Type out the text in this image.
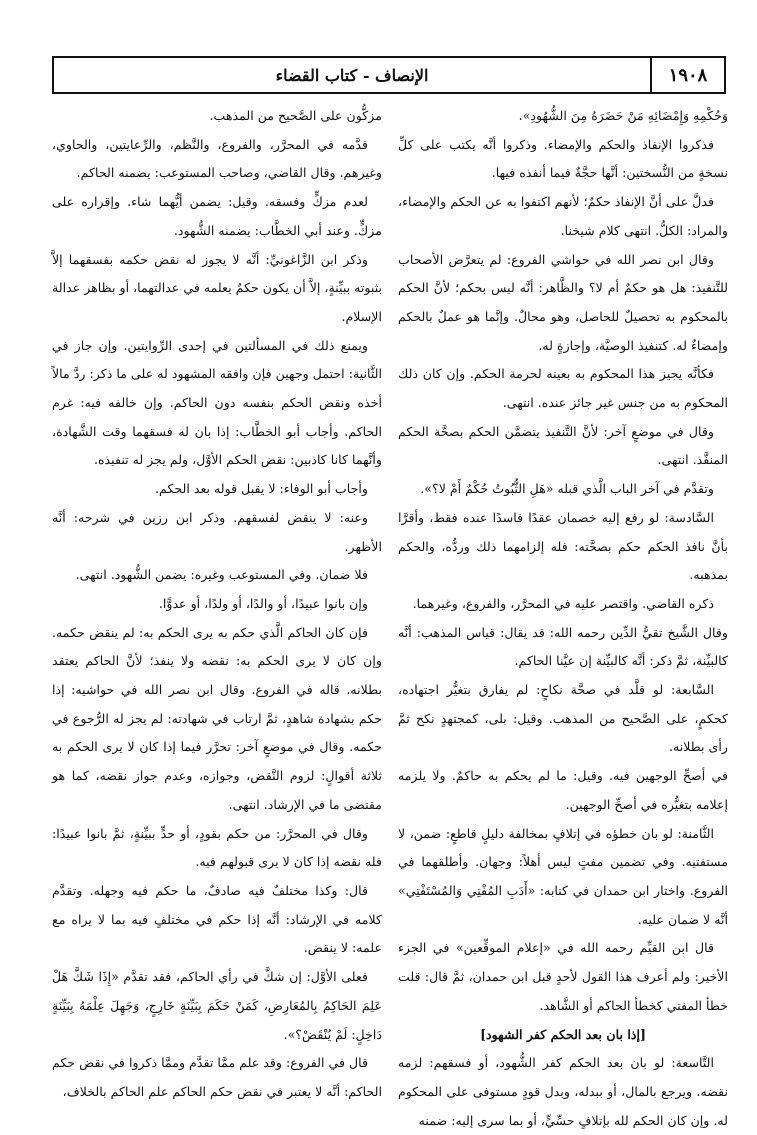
الإنصاف - كتاب القضاء	١٩٠٨

مزكُّون على الصَّحيح من المذهب.

قدَّمه في المحرَّر، والفروع، والنَّظم، والرِّعايتين، والحاوي، وغيرهم. وقال القاضي، وصاحب المستوعب: يضمنه الحاكم.

لعدم مزكٍّ وفسقه. وقيل: يضمن أيُّهما شاء. وإقراره على مزكٍّ. وعند أبي الخطَّاب: يضمنه الشُّهود.

وذكر ابن الزَّاغونيِّ: أنَّه لا يجوز له نقض حكمه بفسقهما إلاَّ بثبوته ببيِّنةٍ، إلاَّ أن يكون حكمٌ يعلمه في عدالتهما، أو بظاهر عدالة الإسلام.

ويمنع ذلك في المسألتين في إحدى الرِّوايتين. وإن جاز في الثَّانية: احتمل وجهين فإن وافقه المشهود له على ما ذكر: ردَّ مالاً أخذه ونقض الحكم بنفسه دون الحاكم. وإن خالفه فيه: غرم الحاكم. وأجاب أبو الخطَّاب: إذا بان له فسقهما وقت الشَّهادة، وأنَّهما كانا كاذبين: نقض الحكم الأوَّل، ولم يجز له تنفيذه.

وأجاب أبو الوفاء: لا يقبل قوله بعد الحكم.

وعنه: لا ينقض لفسقهم. وذكر ابن رزين في شرحه: أنَّه الأظهر.

فلا ضمان. وفي المستوعب وغيره: يضمن الشُّهود. انتهى.

وإن بانوا عبيدًا، أو والدًا، أو ولدًا، أو عدوًّا.

فإن كان الحاكم الَّذي حكم به يرى الحكم به: لم ينقض حكمه. وإن كان لا يرى الحكم به: نقضه ولا ينفذ؛ لأنَّ الحاكم يعتقد بطلانه. قاله في الفروع. وقال ابن نصر الله في حواشيه: إذا حكم بشهادة شاهدٍ، ثمَّ ارتاب في شهادته: لم يجز له الرُّجوع في حكمه. وقال في موضعٍ آخر: تحرَّر فيما إذا كان لا يرى الحكم به ثلاثة أقوالٍ: لزوم النَّقض، وجوازه، وعدم جواز نقضه، كما هو مقتضى ما في الإرشاد. انتهى.

وقال في المحرَّر: من حكم بقودٍ، أو حدٍّ ببيِّنةٍ، ثمَّ بانوا عبيدًا: فله نقضه إذا كان لا يرى قبولهم فيه.

قال: وكذا مختلفٌ فيه صادفٌ، ما حكم فيه وجهله. وتقدَّم كلامه في الإرشاد: أنَّه إذا حكم في مختلفٍ فيه بما لا يراه مع علمه: لا ينقض.

فعلى الأوَّل: إن شكَّ في رأي الحاكم، فقد تقدَّم «إِذَا شَكَّ هَلْ عَلِمَ الحَاكِمُ بِالمُعَارِضِ، كَمَنْ حَكَمَ بِبَيِّنَةٍ خَارِجٍ، وَجَهِلَ عِلْمَهُ بِبَيِّنَةٍ دَاخِلٍ: لَمْ يُنْقَضْ؟».

قال في الفروع: وقد علم ممَّا تقدَّم وممَّا ذكروا في نقض حكم الحاكم: أنَّه لا يعتبر في نقض حكم الحاكم علم الحاكم بالخلاف،

وَحُكْمِهِ وَإِمْضَائِهِ مَنْ حَضَرَهُ مِنَ الشُّهُودِ».

فذكروا الإنفاذ والحكم والإمضاء. وذكروا أنَّه يكتب على كلِّ نسخةٍ من النُّسختين: أنَّها حجَّةٌ فيما أنفذه فيها.

فدلَّ على أنَّ الإنفاذ حكمٌ؛ لأنهم اكتفوا به عن الحكم والإمضاء، والمراد: الكلُّ. انتهى كلام شيخنا.

وقال ابن نصر الله في حواشي الفروع: لم يتعرَّض الأصحاب للتَّنفيذ: هل هو حكمٌ أم لا؟ والظَّاهر: أنَّه ليس بحكم؛ لأنَّ الحكم بالمحكوم به تحصيلٌ للحاصل، وهو محالٌ. وإنَّما هو عملٌ بالحكم وإمضاءٌ له. كتنفيذ الوصيَّة، وإجازةٍ له.

فكأنَّه يجيز هذا المحكوم به بعينه لحرمة الحكم. وإن كان ذلك المحكوم به من جنس غير جائز عنده. انتهى.

وقال في موضعٍ آخر: لأنَّ التَّنفيذ يتضمَّن الحكم بصحَّة الحكم المنفَّذ. انتهى.

وتقدَّم في آخر الباب الَّذي قبله «هَلِ الثُّبُوتُ حُكْمٌ أَمْ لا؟».

السَّادسة: لو رفع إليه خصمان عقدًا فاسدًا عنده فقط، وأقرَّا بأنَّ نافذ الحكم حكم بصحَّته: فله إلزامهما ذلك وردُّه، والحكم بمذهبه.

ذكره القاضي. واقتصر عليه في المحرَّر، والفروع، وغيرهما.

وقال الشَّيخ تقيُّ الدِّين رحمه الله: قد يقال: قياس المذهب: أنَّه كالبيِّنة، ثمَّ ذكر: أنَّه كالبيِّنة إن عيَّنا الحاكم.

السَّابعة: لو قلَّد في صحَّة نكاحٍ: لم يفارق بتغيُّر اجتهاده، كحكمٍ، على الصَّحيح من المذهب. وقيل: بلى، كمجتهدٍ نكح ثمَّ رأى بطلانه.

في أصحِّ الوجهين فيه. وقيل: ما لم يحكم به حاكمٌ. ولا يلزمه إعلامه بتغيُّره في أصحِّ الوجهين.

الثَّامنة: لو بان خطؤه في إتلافٍ بمخالفة دليلٍ قاطعٍ: ضمن، لا مستفتيه. وفي تضمين مفتٍ ليس أهلاً: وجهان. وأطلقهما في الفروع. واختار ابن حمدان في كتابه: «أَدَبِ المُفْتِي وَالمُسْتَفْتِي» أنَّه لا ضمان عليه.

قال ابن القيِّم رحمه الله في «إعلام الموقِّعين» في الجزء الأخير: ولم أعرف هذا القول لأحدٍ قبل ابن حمدان، ثمَّ قال: قلت خطأ المفتي كخطأ الحاكم أو الشَّاهد.

[إذا بان بعد الحكم كفر الشهود]

التَّاسعة: لو بان بعد الحكم كفر الشُّهود، أو فسقهم: لزمه نقضه. ويرجع بالمال، أو ببدله، وبدل قودٍ مستوفى على المحكوم له. وإن كان الحكم لله بإتلافٍ حسِّيٍّ، أو بما سرى إليه: ضمنه
